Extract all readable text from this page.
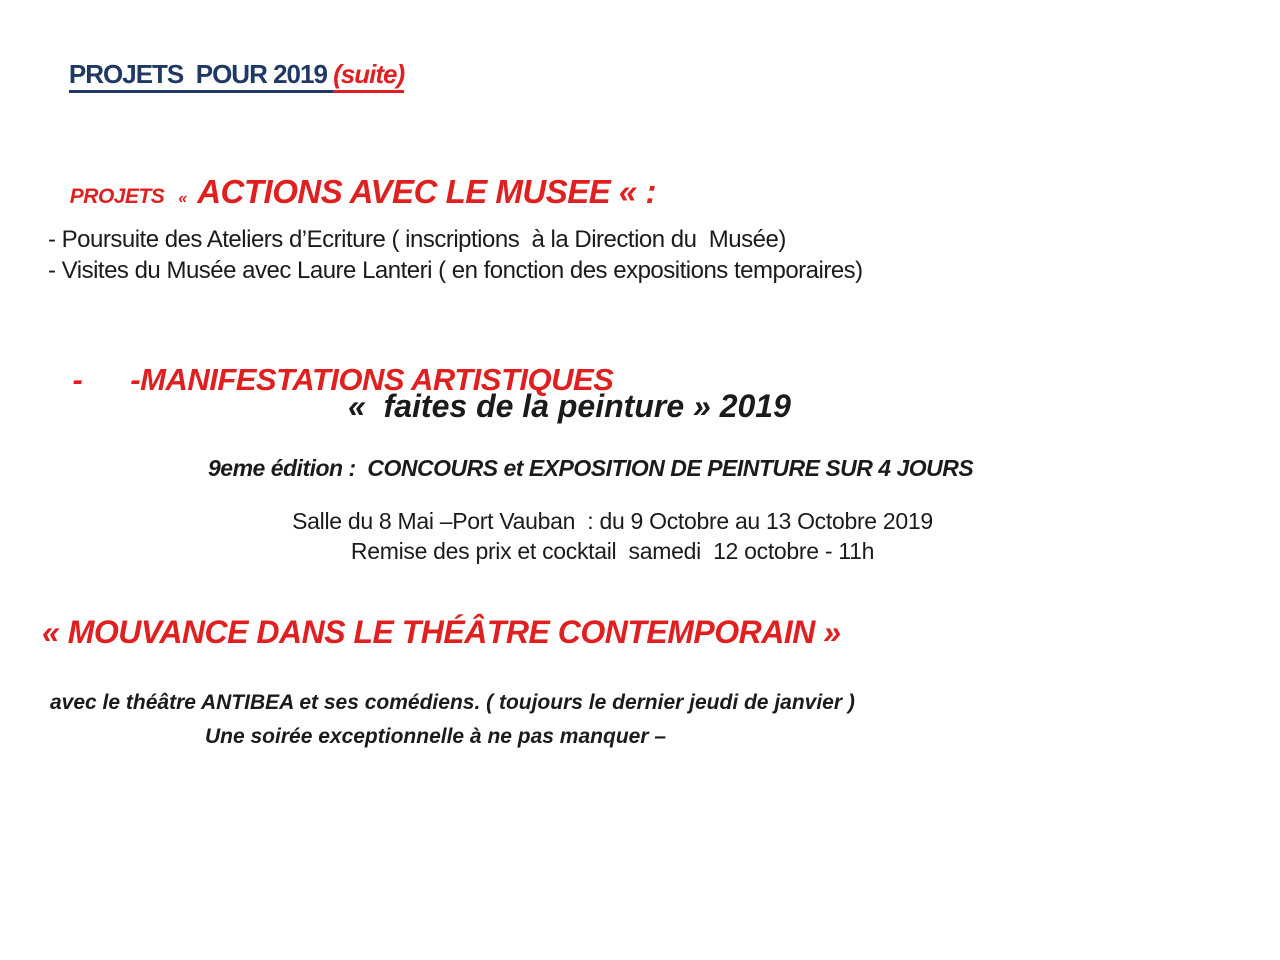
PROJETS  POUR 2019 (suite)

PROJETS « ACTIONS AVEC LE MUSEE « :

- Poursuite des Ateliers d’Ecriture ( inscriptions  à la Direction du  Musée)
- Visites du Musée avec Laure Lanteri ( en fonction des expositions temporaires)

- -MANIFESTATIONS ARTISTIQUES

«  faites de la peinture » 2019
9eme édition :  CONCOURS et EXPOSITION DE PEINTURE SUR 4 JOURS
Salle du 8 Mai –Port Vauban  : du 9 Octobre au 13 Octobre 2019
Remise des prix et cocktail  samedi  12 octobre - 11h
« MOUVANCE DANS LE THÉÂTRE CONTEMPORAIN »
avec le théâtre ANTIBEA et ses comédiens. ( toujours le dernier jeudi de janvier )
Une soirée exceptionnelle à ne pas manquer –
